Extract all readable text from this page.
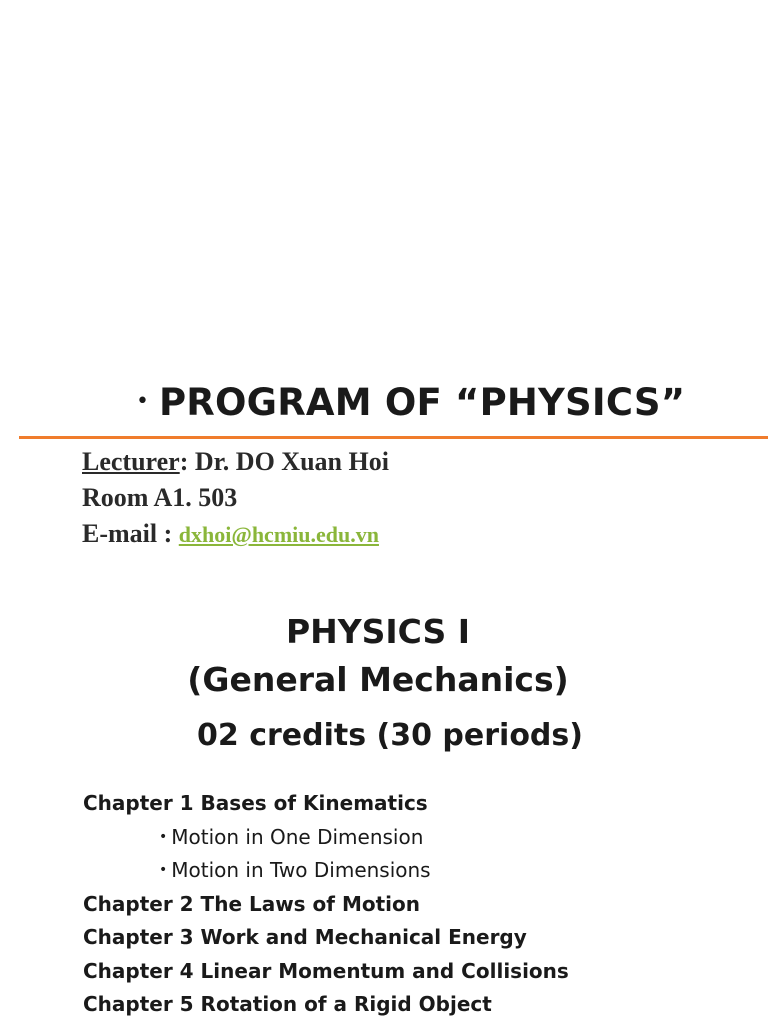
• PROGRAM OF “PHYSICS”
Lecturer: Dr. DO Xuan Hoi
Room A1. 503
E-mail : dxhoi@hcmiu.edu.vn
PHYSICS I
(General Mechanics)
02 credits (30 periods)
Chapter 1 Bases of Kinematics
• Motion in One Dimension
• Motion in Two Dimensions
Chapter 2 The Laws of Motion
Chapter 3 Work and Mechanical Energy
Chapter 4 Linear Momentum and Collisions
Chapter 5 Rotation of a Rigid Object
